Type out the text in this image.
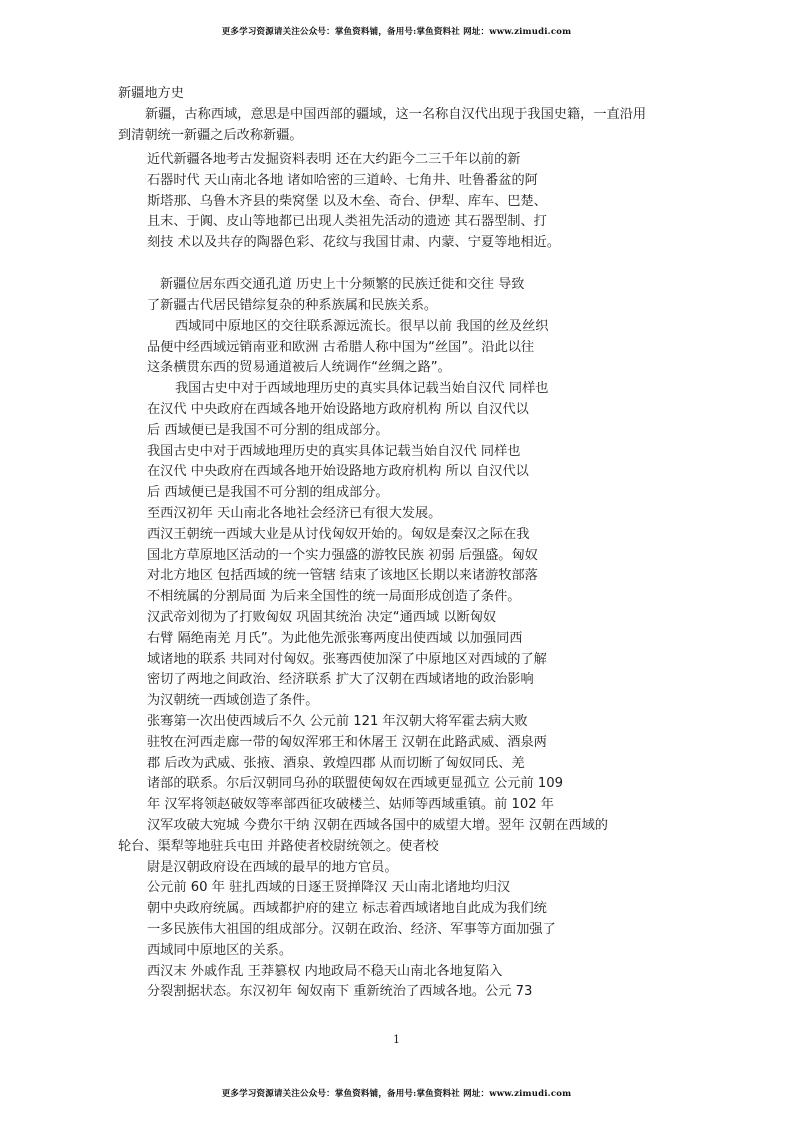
更多学习资源请关注公众号：掌鱼资料铺，备用号:掌鱼资料社 网址：www.zimudi.com
新疆地方史
新疆，古称西域，意思是中国西部的疆域，这一名称自汉代出现于我国史籍，一直沿用
到清朝统一新疆之后改称新疆。
近代新疆各地考古发掘资料表明 还在大约距今二三千年以前的新
石器时代 天山南北各地 诸如哈密的三道岭、七角井、吐鲁番盆的阿
斯塔那、乌鲁木齐县的柴窝堡 以及木垒、奇台、伊犁、库车、巴楚、
且末、于阗、皮山等地都已出现人类祖先活动的遗迹 其石器型制、打
刻技 术以及共存的陶器色彩、花纹与我国甘肃、内蒙、宁夏等地相近。
新疆位居东西交通孔道 历史上十分频繁的民族迁徙和交往 导致
了新疆古代居民错综复杂的种系族属和民族关系。
西域同中原地区的交往联系源远流长。很早以前 我国的丝及丝织
品便中经西域远销南亚和欧洲 古希腊人称中国为“丝国”。沿此以往
这条横贯东西的贸易通道被后人统调作“丝绸之路”。
我国古史中对于西域地理历史的真实具体记载当始自汉代 同样也
在汉代 中央政府在西域各地开始设路地方政府机构 所以 自汉代以
后 西域便已是我国不可分割的组成部分。
我国古史中对于西域地理历史的真实具体记载当始自汉代 同样也
在汉代 中央政府在西域各地开始设路地方政府机构 所以 自汉代以
后 西域便已是我国不可分割的组成部分。
至西汉初年 天山南北各地社会经济已有很大发展。
西汉王朝统一西域大业是从讨伐匈奴开始的。匈奴是秦汉之际在我
国北方草原地区活动的一个实力强盛的游牧民族 初弱 后强盛。匈奴
对北方地区 包括西域的统一管辖 结束了该地区长期以来诸游牧部落
不相统属的分割局面 为后来全国性的统一局面形成创造了条件。
汉武帝刘彻为了打败匈奴 巩固其统治 决定“通西域 以断匈奴
右臂 隔绝南羌 月氏”。为此他先派张骞两度出使西域 以加强同西
域诸地的联系 共同对付匈奴。张骞西使加深了中原地区对西域的了解
密切了两地之间政治、经济联系 扩大了汉朝在西域诸地的政治影响
为汉朝统一西域创造了条件。
张骞第一次出使西域后不久 公元前 121 年汉朝大将军霍去病大败
驻牧在河西走廊一带的匈奴浑邪王和休屠王 汉朝在此路武威、酒泉两
郡 后改为武威、张掖、酒泉、敦煌四郡 从而切断了匈奴同氐、羌
诸部的联系。尔后汉朝同乌孙的联盟使匈奴在西域更显孤立 公元前 109
年 汉军将领赵破奴等率部西征攻破楼兰、姑师等西域重镇。前 102 年
汉军攻破大宛城 今费尔干纳 汉朝在西域各国中的威望大增。翌年 汉朝在西域的
轮台、渠犁等地驻兵屯田 并路使者校尉统领之。使者校
尉是汉朝政府设在西域的最早的地方官员。
公元前 60 年 驻扎西域的日逐王贤掸降汉 天山南北诸地均归汉
朝中央政府统属。西域都护府的建立 标志着西域诸地自此成为我们统
一多民族伟大祖国的组成部分。汉朝在政治、经济、军事等方面加强了
西域同中原地区的关系。
西汉末 外戚作乱 王莽篡权 内地政局不稳天山南北各地复陷入
分裂割据状态。东汉初年 匈奴南下 重新统治了西域各地。公元 73
1
更多学习资源请关注公众号：掌鱼资料铺，备用号:掌鱼资料社 网址：www.zimudi.com
